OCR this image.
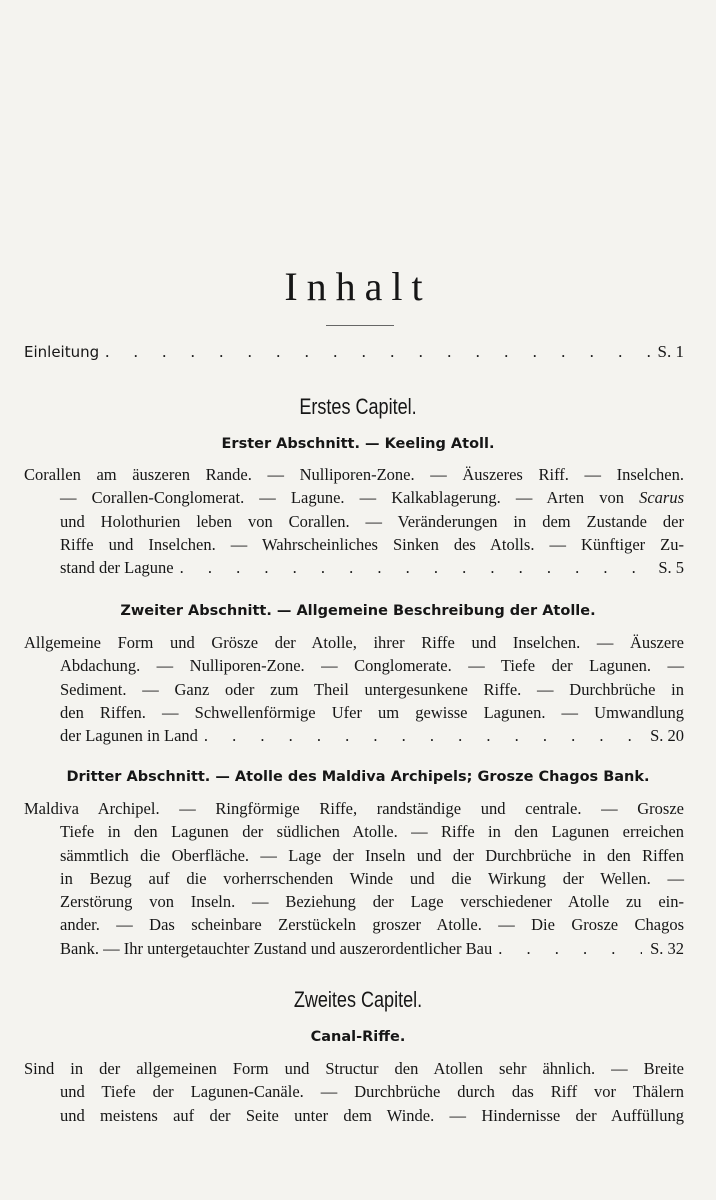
Inhalt
Einleitung . . .	S. 1
Erstes Capitel.
Erster Abschnitt. — Keeling Atoll.
Corallen am äuszeren Rande. — Nulliporen-Zone. — Äuszeres Riff. — Inselchen.
— Corallen-Conglomerat. — Lagune. — Kalkablagerung. — Arten von Scarus
und Holothurien leben von Corallen. — Veränderungen in dem Zustande der
Riffe und Inselchen. — Wahrscheinliches Sinken des Atolls. — Künftiger Zu-
stand der Lagune . . .	S. 5
Zweiter Abschnitt. — Allgemeine Beschreibung der Atolle.
Allgemeine Form und Grösze der Atolle, ihrer Riffe und Inselchen. — Äuszere
Abdachung. — Nulliporen-Zone. — Conglomerate. — Tiefe der Lagunen. —
Sediment. — Ganz oder zum Theil untergesunkene Riffe. — Durchbrüche in
den Riffen. — Schwellenförmige Ufer um gewisse Lagunen. — Umwandlung
der Lagunen in Land . . .	S. 20
Dritter Abschnitt. — Atolle des Maldiva Archipels; Grosze Chagos Bank.
Maldiva Archipel. — Ringförmige Riffe, randständige und centrale. — Grosze
Tiefe in den Lagunen der südlichen Atolle. — Riffe in den Lagunen erreichen
sämmtlich die Oberfläche. — Lage der Inseln und der Durchbrüche in den Riffen
in Bezug auf die vorherrschenden Winde und die Wirkung der Wellen. —
Zerstörung von Inseln. — Beziehung der Lage verschiedener Atolle zu ein-
ander. — Das scheinbare Zerstückeln groszer Atolle. — Die Grosze Chagos
Bank. — Ihr untergetauchter Zustand und auszerordentlicher Bau . . .	S. 32
Zweites Capitel.
Canal-Riffe.
Sind in der allgemeinen Form und Structur den Atollen sehr ähnlich. — Breite
und Tiefe der Lagunen-Canäle. — Durchbrüche durch das Riff vor Thälern
und meistens auf der Seite unter dem Winde. — Hindernisse der Auffüllung
